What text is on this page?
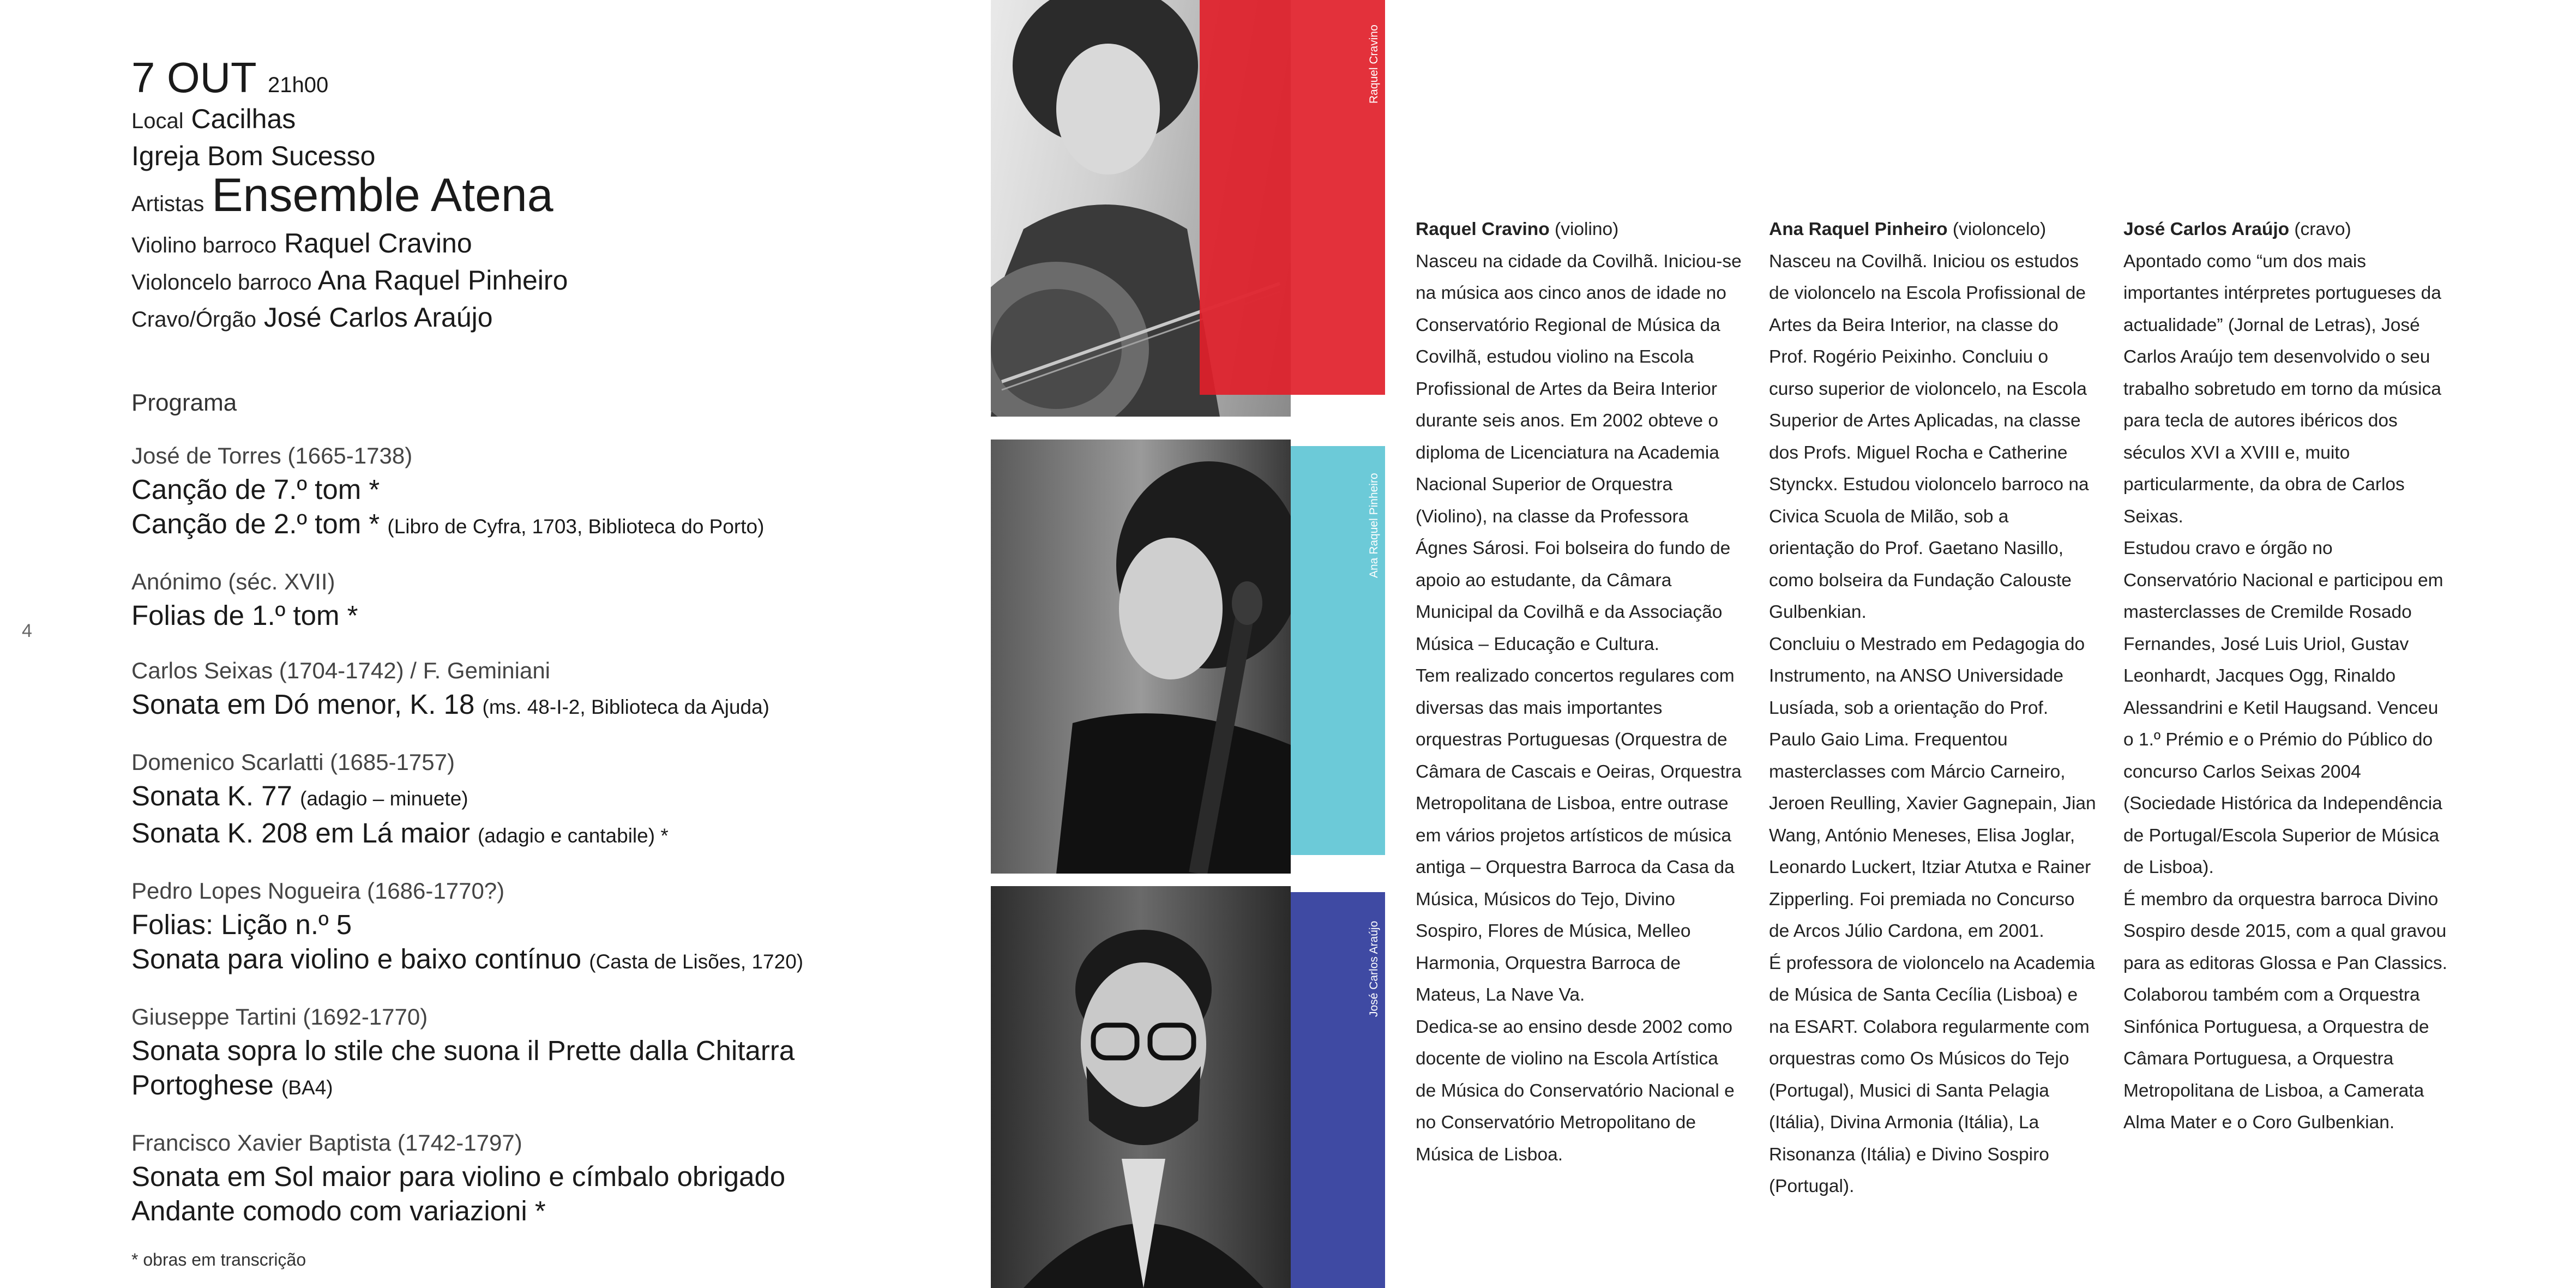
4
7 OUT 21h00
Local Cacilhas
Igreja Bom Sucesso
Artistas Ensemble Atena
Violino barroco Raquel Cravino
Violoncelo barroco Ana Raquel Pinheiro
Cravo/Órgão José Carlos Araújo
Programa
José de Torres (1665-1738)
Canção de 7.º tom *
Canção de 2.º tom * (Libro de Cyfra, 1703, Biblioteca do Porto)
Anónimo (séc. XVII)
Folias de 1.º tom *
Carlos Seixas (1704-1742) / F. Geminiani
Sonata em Dó menor, K. 18 (ms. 48-I-2, Biblioteca da Ajuda)
Domenico Scarlatti (1685-1757)
Sonata K. 77 (adagio – minuete)
Sonata K. 208 em Lá maior (adagio e cantabile) *
Pedro Lopes Nogueira (1686-1770?)
Folias: Lição n.º 5
Sonata para violino e baixo contínuo (Casta de Lisões, 1720)
Giuseppe Tartini (1692-1770)
Sonata sopra lo stile che suona il Prette dalla Chitarra
Portoghese (BA4)
Francisco Xavier Baptista (1742-1797)
Sonata em Sol maior para violino e címbalo obrigado
Andante comodo com variazioni *
* obras em transcrição
Raquel Cravino
Ana Raquel Pinheiro
José Carlos Araújo
Raquel Cravino (violino)

Nasceu na cidade da Covilhã. Iniciou-se na música aos cinco anos de idade no Conservatório Regional de Música da Covilhã, estudou violino na Escola Profissional de Artes da Beira Interior durante seis anos. Em 2002 obteve o diploma de Licenciatura na Academia Nacional Superior de Orquestra (Violino), na classe da Professora Ágnes Sárosi. Foi bolseira do fundo de apoio ao estudante, da Câmara Municipal da Covilhã e da Associação Música – Educação e Cultura.

Tem realizado concertos regulares com diversas das mais importantes orquestras Portuguesas (Orquestra de Câmara de Cascais e Oeiras, Orquestra Metropolitana de Lisboa, entre outrase em vários projetos artísticos de música antiga – Orquestra Barroca da Casa da Música, Músicos do Tejo, Divino Sospiro, Flores de Música, Melleo Harmonia, Orquestra Barroca de Mateus, La Nave Va.

Dedica-se ao ensino desde 2002 como docente de violino na Escola Artística de Música do Conservatório Nacional e no Conservatório Metropolitano de Música de Lisboa.

Ana Raquel Pinheiro (violoncelo)

Nasceu na Covilhã. Iniciou os estudos de violoncelo na Escola Profissional de Artes da Beira Interior, na classe do Prof. Rogério Peixinho. Concluiu o curso superior de violoncelo, na Escola Superior de Artes Aplicadas, na classe dos Profs. Miguel Rocha e Catherine Stynckx. Estudou violoncelo barroco na Civica Scuola de Milão, sob a orientação do Prof. Gaetano Nasillo, como bolseira da Fundação Calouste Gulbenkian.

Concluiu o Mestrado em Pedagogia do Instrumento, na ANSO Universidade Lusíada, sob a orientação do Prof. Paulo Gaio Lima. Frequentou masterclasses com Márcio Carneiro, Jeroen Reulling, Xavier Gagnepain, Jian Wang, António Meneses, Elisa Joglar, Leonardo Luckert, Itziar Atutxa e Rainer Zipperling. Foi premiada no Concurso de Arcos Júlio Cardona, em 2001.

É professora de violoncelo na Academia de Música de Santa Cecília (Lisboa) e na ESART. Colabora regularmente com orquestras como Os Músicos do Tejo (Portugal), Musici di Santa Pelagia (Itália), Divina Armonia (Itália), La Risonanza (Itália) e Divino Sospiro (Portugal).

José Carlos Araújo (cravo)

Apontado como “um dos mais importantes intérpretes portugueses da actualidade” (Jornal de Letras), José Carlos Araújo tem desenvolvido o seu trabalho sobretudo em torno da música para tecla de autores ibéricos dos séculos XVI a XVIII e, muito particularmente, da obra de Carlos Seixas.

Estudou cravo e órgão no Conservatório Nacional e participou em masterclasses de Cremilde Rosado Fernandes, José Luis Uriol, Gustav Leonhardt, Jacques Ogg, Rinaldo Alessandrini e Ketil Haugsand. Venceu o 1.º Prémio e o Prémio do Público do concurso Carlos Seixas 2004 (Sociedade Histórica da Independência de Portugal/Escola Superior de Música de Lisboa).

É membro da orquestra barroca Divino Sospiro desde 2015, com a qual gravou para as editoras Glossa e Pan Classics.

Colaborou também com a Orquestra Sinfónica Portuguesa, a Orquestra de Câmara Portuguesa, a Orquestra Metropolitana de Lisboa, a Camerata Alma Mater e o Coro Gulbenkian.
